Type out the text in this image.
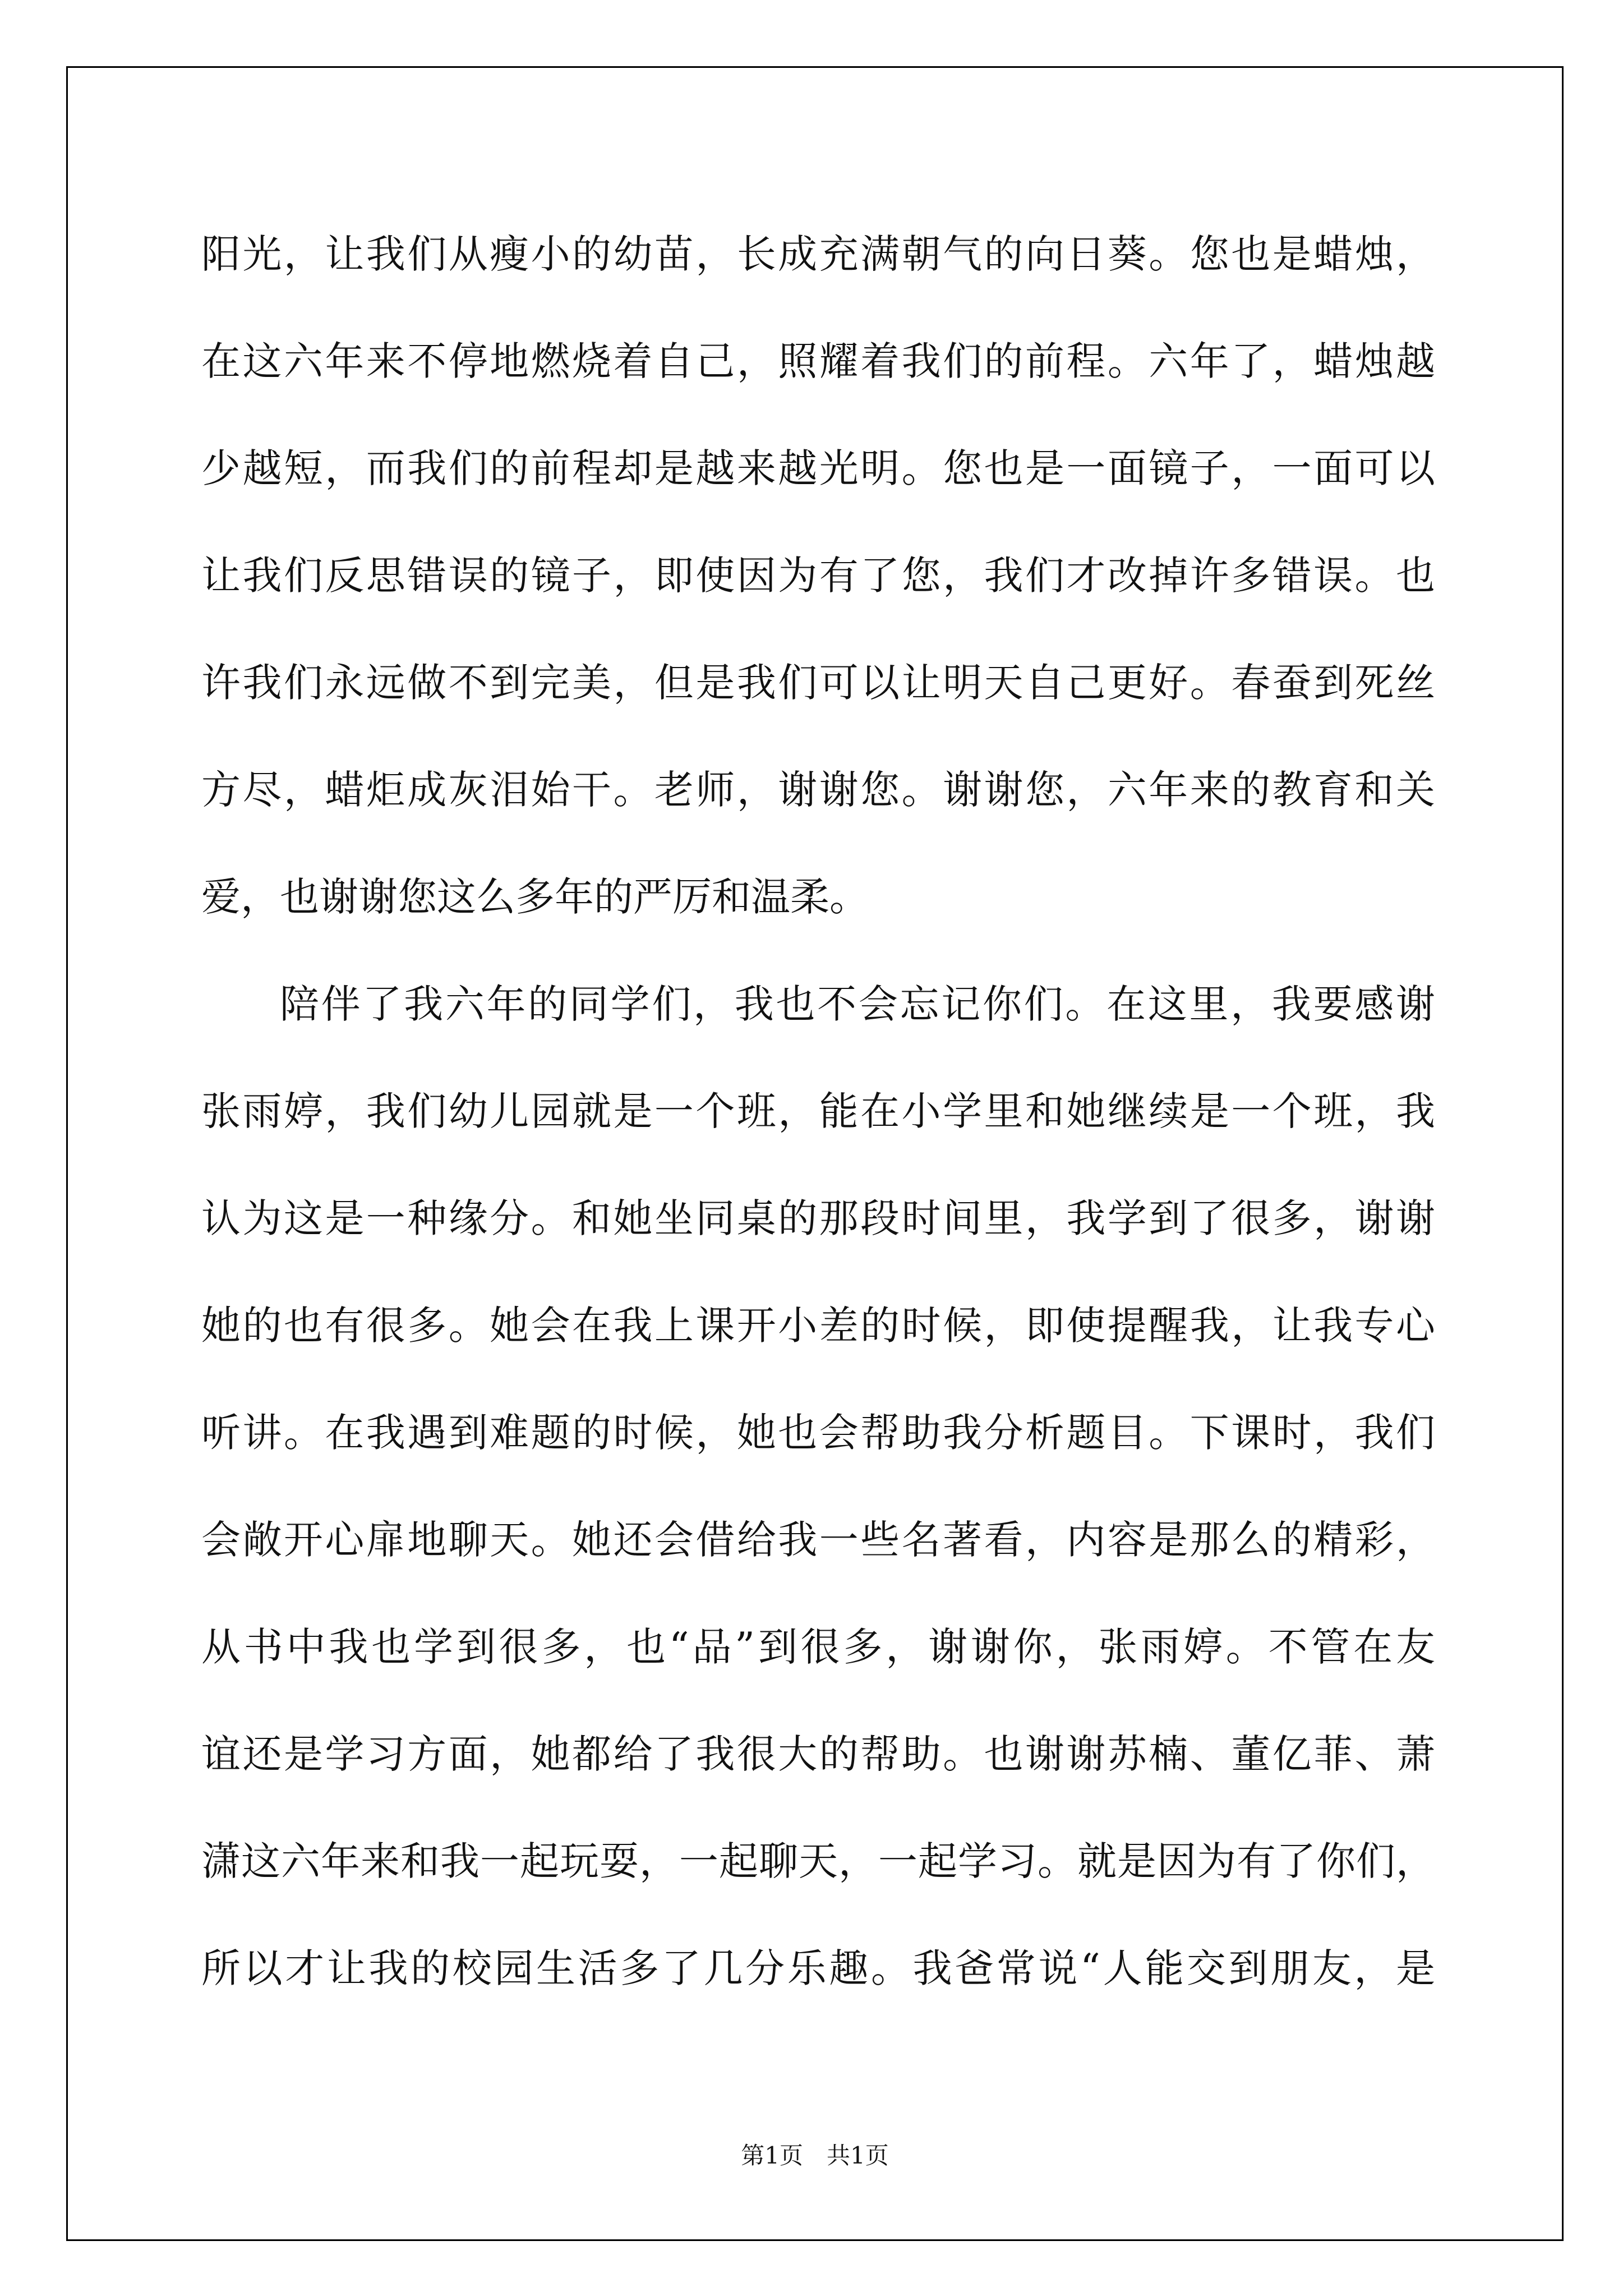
阳光，让我们从瘦小的幼苗，长成充满朝气的向日葵。您也是蜡烛，
在这六年来不停地燃烧着自己，照耀着我们的前程。六年了，蜡烛越
少越短，而我们的前程却是越来越光明。您也是一面镜子，一面可以
让我们反思错误的镜子，即使因为有了您，我们才改掉许多错误。也
许我们永远做不到完美，但是我们可以让明天自己更好。春蚕到死丝
方尽，蜡炬成灰泪始干。老师，谢谢您。谢谢您，六年来的教育和关
爱，也谢谢您这么多年的严厉和温柔。
陪伴了我六年的同学们，我也不会忘记你们。在这里，我要感谢
张雨婷，我们幼儿园就是一个班，能在小学里和她继续是一个班，我
认为这是一种缘分。和她坐同桌的那段时间里，我学到了很多，谢谢
她的也有很多。她会在我上课开小差的时候，即使提醒我，让我专心
听讲。在我遇到难题的时候，她也会帮助我分析题目。下课时，我们
会敞开心扉地聊天。她还会借给我一些名著看，内容是那么的精彩，
从书中我也学到很多，也“品”到很多，谢谢你，张雨婷。不管在友
谊还是学习方面，她都给了我很大的帮助。也谢谢苏楠、董亿菲、萧
潇这六年来和我一起玩耍，一起聊天，一起学习。就是因为有了你们，
所以才让我的校园生活多了几分乐趣。我爸常说“人能交到朋友，是
第1页　共1页
